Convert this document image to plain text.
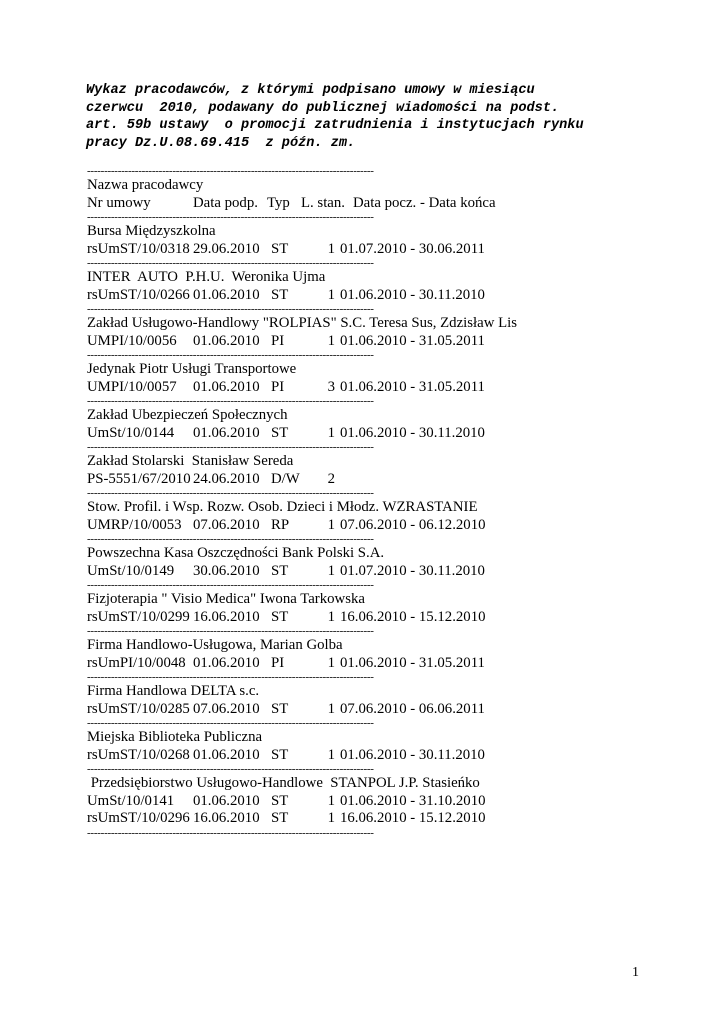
Wykaz pracodawców, z którymi podpisano umowy w miesiącu
czerwcu  2010, podawany do publicznej wiadomości na podst.
art. 59b ustawy  o promocji zatrudnienia i instytucjach rynku
pracy Dz.U.08.69.415  z późn. zm.
------------------------------------------------------------------------------------
Nazwa pracodawcy
Nr umowy	Data podp. Typ L. stan. Data pocz. - Data końca
------------------------------------------------------------------------------------
Bursa Międzyszkolna
rsUmST/10/0318 29.06.2010 ST	1 01.07.2010 - 30.06.2011
------------------------------------------------------------------------------------
INTER  AUTO  P.H.U.  Weronika Ujma
rsUmST/10/0266 01.06.2010 ST	1 01.06.2010 - 30.11.2010
------------------------------------------------------------------------------------
Zakład Usługowo-Handlowy "ROLPIAS" S.C. Teresa Sus, Zdzisław Lis
UMPI/10/0056	01.06.2010 PI	1 01.06.2010 - 31.05.2011
------------------------------------------------------------------------------------
Jedynak Piotr Usługi Transportowe
UMPI/10/0057	01.06.2010 PI	3 01.06.2010 - 31.05.2011
------------------------------------------------------------------------------------
Zakład Ubezpieczeń Społecznych
UmSt/10/0144	01.06.2010 ST	1 01.06.2010 - 30.11.2010
------------------------------------------------------------------------------------
Zakład Stolarski  Stanisław Sereda
PS-5551/67/2010 24.06.2010 D/W	2
------------------------------------------------------------------------------------
Stow. Profil. i Wsp. Rozw. Osob. Dzieci i Młodz. WZRASTANIE
UMRP/10/0053 07.06.2010 RP	1 07.06.2010 - 06.12.2010
------------------------------------------------------------------------------------
Powszechna Kasa Oszczędności Bank Polski S.A.
UmSt/10/0149	30.06.2010 ST	1 01.07.2010 - 30.11.2010
------------------------------------------------------------------------------------
Fizjoterapia " Visio Medica" Iwona Tarkowska
rsUmST/10/0299 16.06.2010 ST	1 16.06.2010 - 15.12.2010
------------------------------------------------------------------------------------
Firma Handlowo-Usługowa, Marian Golba
rsUmPI/10/0048 01.06.2010 PI	1 01.06.2010 - 31.05.2011
------------------------------------------------------------------------------------
Firma Handlowa DELTA s.c.
rsUmST/10/0285 07.06.2010 ST	1 07.06.2010 - 06.06.2011
------------------------------------------------------------------------------------
Miejska Biblioteka Publiczna
rsUmST/10/0268 01.06.2010 ST	1 01.06.2010 - 30.11.2010
------------------------------------------------------------------------------------
Przedsiębiorstwo Usługowo-Handlowe  STANPOL J.P. Stasieńko
UmSt/10/0141	01.06.2010 ST	1 01.06.2010 - 31.10.2010
rsUmST/10/0296 16.06.2010 ST	1 16.06.2010 - 15.12.2010
------------------------------------------------------------------------------------
1
